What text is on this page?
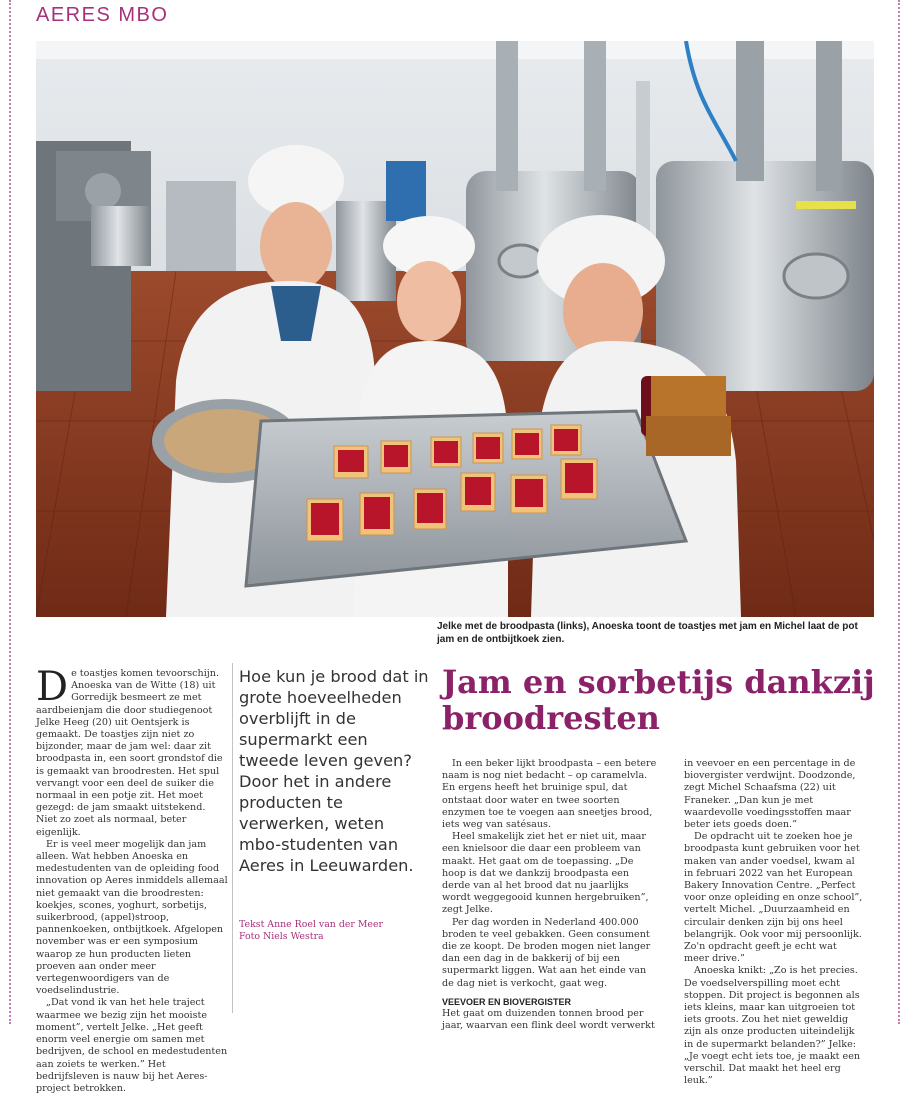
AERES MBO
Jelke met de broodpasta (links), Anoeska toont de toastjes met jam en Michel laat de pot jam en de ontbijtkoek zien.

De toastjes komen tevoorschijn. Anoeska van de Witte (18) uit Gorredijk besmeert ze met aardbeienjam die door studiegenoot Jelke Heeg (20) uit Oentsjerk is gemaakt. De toastjes zijn niet zo bijzonder, maar de jam wel: daar zit broodpasta in, een soort grondstof die is gemaakt van broodresten. Het spul vervangt voor een deel de suiker die normaal in een potje zit. Het moet gezegd: de jam smaakt uitstekend. Niet zo zoet als normaal, beter eigenlijk.

Er is veel meer mogelijk dan jam alleen. Wat hebben Anoeska en medestudenten van de opleiding food innovation op Aeres inmiddels allemaal niet gemaakt van die broodresten: koekjes, scones, yoghurt, sorbetijs, suikerbrood, (appel)stroop, pannenkoeken, ontbijtkoek. Afgelopen november was er een symposium waarop ze hun producten lieten proeven aan onder meer vertegenwoordigers van de voedselindustrie.

„Dat vond ik van het hele traject waarmee we bezig zijn het mooiste moment”, vertelt Jelke. „Het geeft enorm veel energie om samen met bedrijven, de school en medestudenten aan zoiets te werken.” Het bedrijfsleven is nauw bij het Aeres-project betrokken.

Hoe kun je brood dat in grote hoeveelheden overblijft in de supermarkt een tweede leven geven? Door het in andere producten te verwerken, weten mbo-studenten van Aeres in Leeuwarden.
Tekst Anne Roel van der Meer
Foto Niels Westra
Jam en sorbetijs dankzij broodresten

In een beker lijkt broodpasta – een betere naam is nog niet bedacht – op caramelvla. En ergens heeft het bruinige spul, dat ontstaat door water en twee soorten enzymen toe te voegen aan sneetjes brood, iets weg van satésaus.

Heel smakelijk ziet het er niet uit, maar een knielsoor die daar een probleem van maakt. Het gaat om de toepassing. „De hoop is dat we dankzij broodpasta een derde van al het brood dat nu jaarlijks wordt weggegooid kunnen hergebruiken”, zegt Jelke.

Per dag worden in Nederland 400.000 broden te veel gebakken. Geen consument die ze koopt. De broden mogen niet langer dan een dag in de bakkerij of bij een supermarkt liggen. Wat aan het einde van de dag niet is verkocht, gaat weg.

VEEVOER EN BIOVERGISTER

Het gaat om duizenden tonnen brood per jaar, waarvan een flink deel wordt verwerkt

in veevoer en een percentage in de biovergister verdwijnt. Doodzonde, zegt Michel Schaafsma (22) uit Franeker. „Dan kun je met waardevolle voedingsstoffen maar beter iets goeds doen.”

De opdracht uit te zoeken hoe je broodpasta kunt gebruiken voor het maken van ander voedsel, kwam al in februari 2022 van het European Bakery Innovation Centre. „Perfect voor onze opleiding en onze school”, vertelt Michel. „Duurzaamheid en circulair denken zijn bij ons heel belangrijk. Ook voor mij persoonlijk. Zo'n opdracht geeft je echt wat meer drive.”

Anoeska knikt: „Zo is het precies. De voedselverspilling moet echt stoppen. Dit project is begonnen als iets kleins, maar kan uitgroeien tot iets groots. Zou het niet geweldig zijn als onze producten uiteindelijk in de supermarkt belanden?” Jelke: „Je voegt echt iets toe, je maakt een verschil. Dat maakt het heel erg leuk.”
